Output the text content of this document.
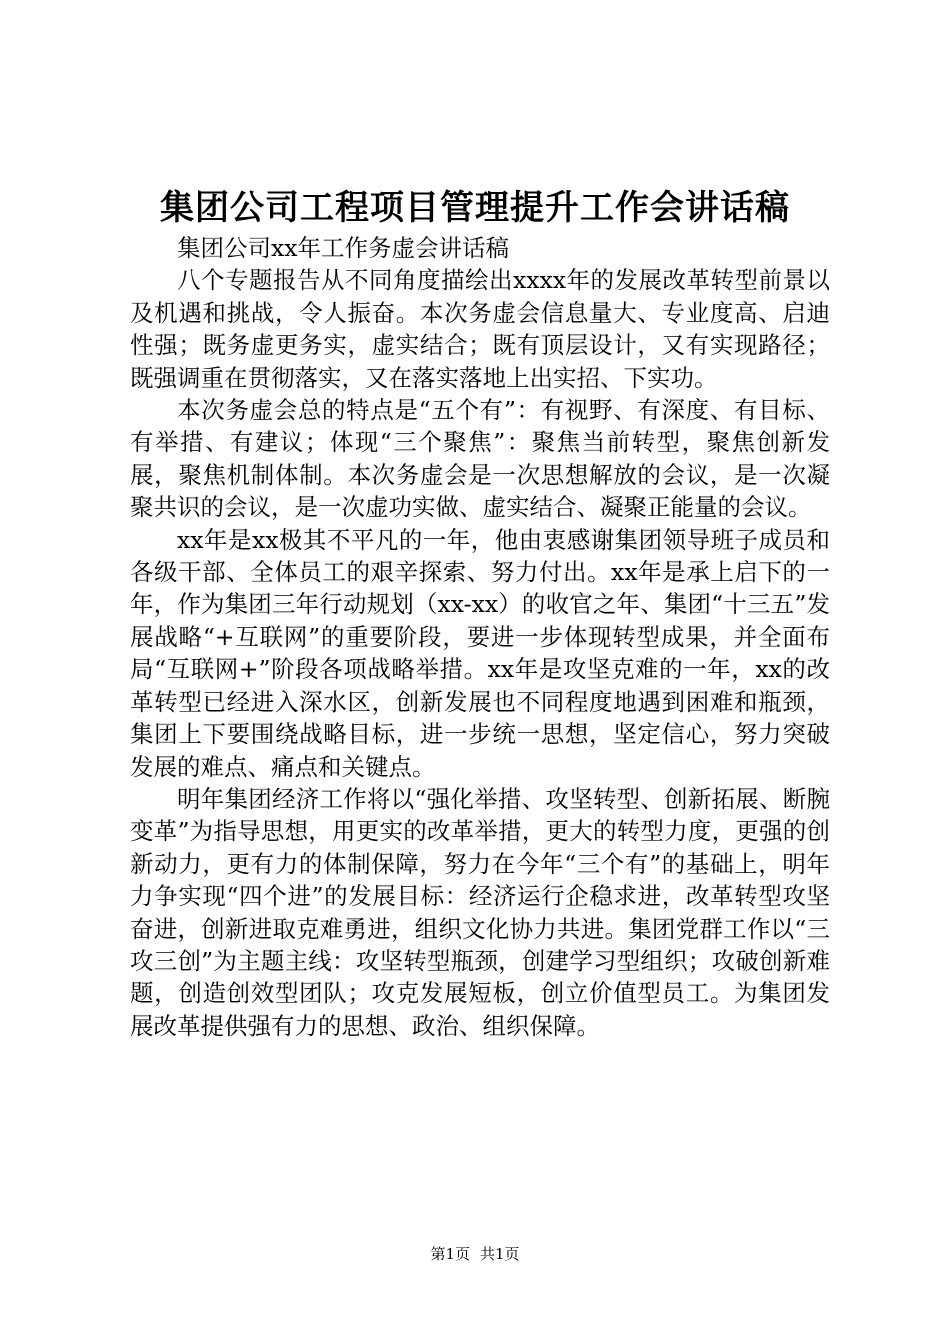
集团公司工程项目管理提升工作会讲话稿

集团公司xx年工作务虚会讲话稿

八个专题报告从不同角度描绘出xxxx年的发展改革转型前景以及机遇和挑战，令人振奋。本次务虚会信息量大、专业度高、启迪性强；既务虚更务实，虚实结合；既有顶层设计，又有实现路径；既强调重在贯彻落实，又在落实落地上出实招、下实功。

本次务虚会总的特点是“五个有”：有视野、有深度、有目标、有举措、有建议；体现“三个聚焦”：聚焦当前转型，聚焦创新发展，聚焦机制体制。本次务虚会是一次思想解放的会议，是一次凝聚共识的会议，是一次虚功实做、虚实结合、凝聚正能量的会议。

xx年是xx极其不平凡的一年，他由衷感谢集团领导班子成员和各级干部、全体员工的艰辛探索、努力付出。xx年是承上启下的一年，作为集团三年行动规划（xx-xx）的收官之年、集团“十三五”发展战略“+互联网”的重要阶段，要进一步体现转型成果，并全面布局“互联网+”阶段各项战略举措。xx年是攻坚克难的一年，xx的改革转型已经进入深水区，创新发展也不同程度地遇到困难和瓶颈，集团上下要围绕战略目标，进一步统一思想，坚定信心，努力突破发展的难点、痛点和关键点。

明年集团经济工作将以“强化举措、攻坚转型、创新拓展、断腕变革”为指导思想，用更实的改革举措，更大的转型力度，更强的创新动力，更有力的体制保障，努力在今年“三个有”的基础上，明年力争实现“四个进”的发展目标：经济运行企稳求进，改革转型攻坚奋进，创新进取克难勇进，组织文化协力共进。集团党群工作以“三攻三创”为主题主线：攻坚转型瓶颈，创建学习型组织；攻破创新难题，创造创效型团队；攻克发展短板，创立价值型员工。为集团发展改革提供强有力的思想、政治、组织保障。

第1页 共1页
